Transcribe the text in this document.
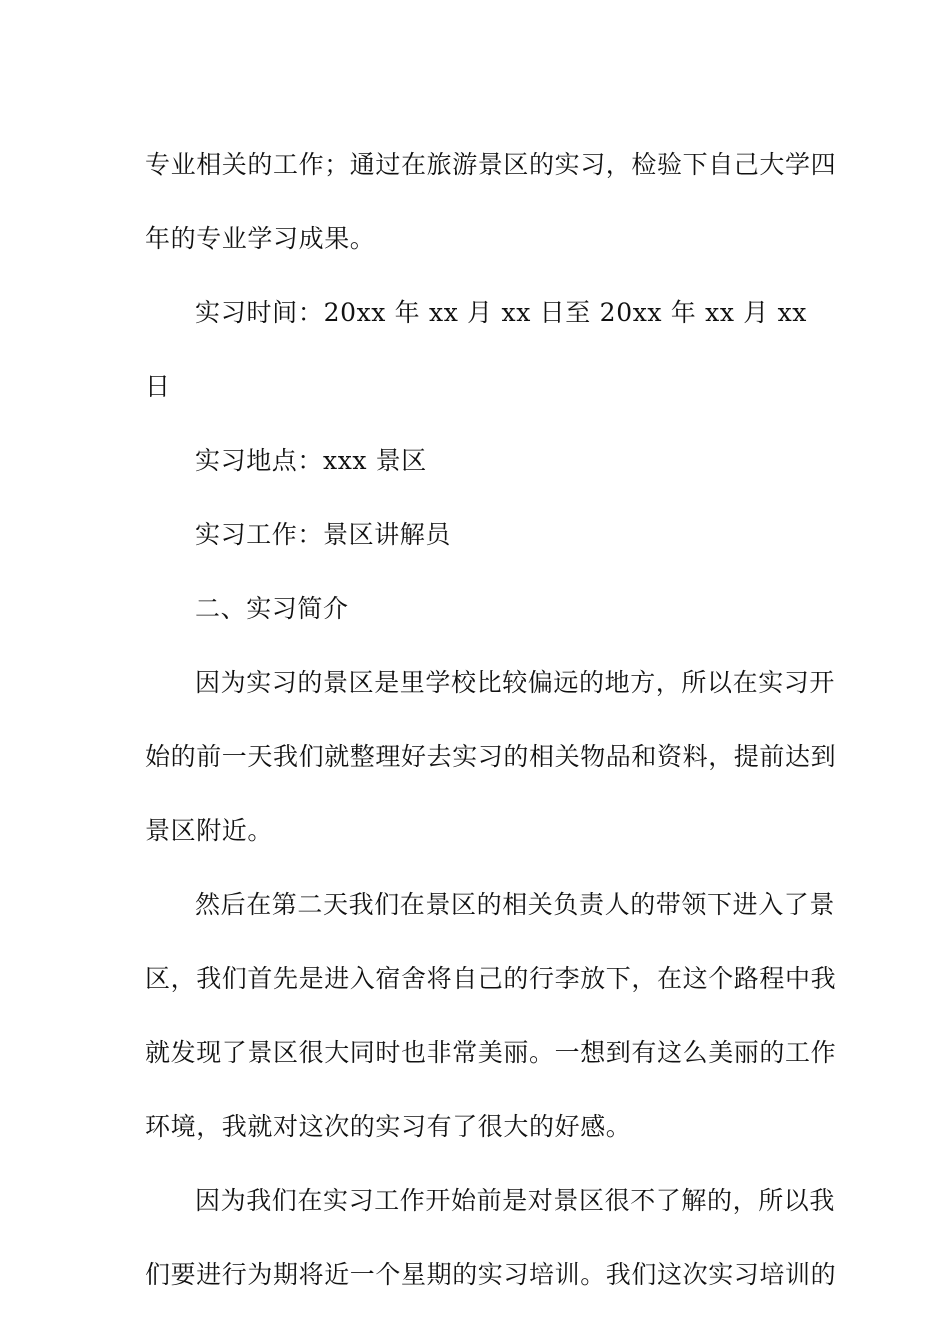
专业相关的工作；通过在旅游景区的实习，检验下自己大学四
年的专业学习成果。

实习时间：20xx 年 xx 月 xx 日至 20xx 年 xx 月 xx 日

实习地点：xxx 景区

实习工作：景区讲解员

二、实习简介

因为实习的景区是里学校比较偏远的地方，所以在实习开
始的前一天我们就整理好去实习的相关物品和资料，提前达到
景区附近。

然后在第二天我们在景区的相关负责人的带领下进入了景
区，我们首先是进入宿舍将自己的行李放下，在这个路程中我
就发现了景区很大同时也非常美丽。一想到有这么美丽的工作
环境，我就对这次的实习有了很大的好感。

因为我们在实习工作开始前是对景区很不了解的，所以我
们要进行为期将近一个星期的实习培训。我们这次实习培训的
